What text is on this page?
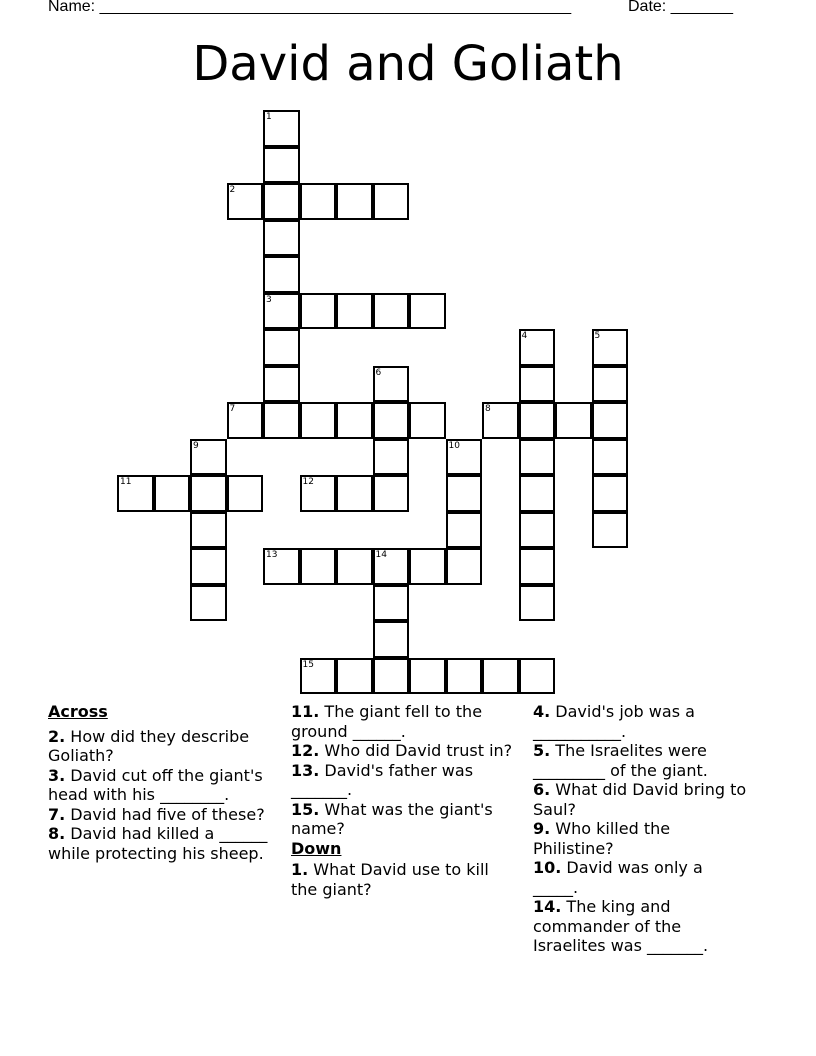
Name: _____________________________________________________	Date: _______
David and Goliath
1
3
2
4	5
6
7	8
9	10
11	12
13	14
15
Across
2. How did they describe Goliath?
3. David cut off the giant's head with his ________.
7. David had five of these?
8. David had killed a ______ while protecting his sheep.
11. The giant fell to the ground ______.
12. Who did David trust in?
13. David's father was _______.
15. What was the giant's name?
Down
1. What David use to kill the giant?
4. David's job was a ___________.
5. The Israelites were _________ of the giant.
6. What did David bring to Saul?
9. Who killed the Philistine?
10. David was only a _____.
14. The king and commander of the Israelites was _______.
